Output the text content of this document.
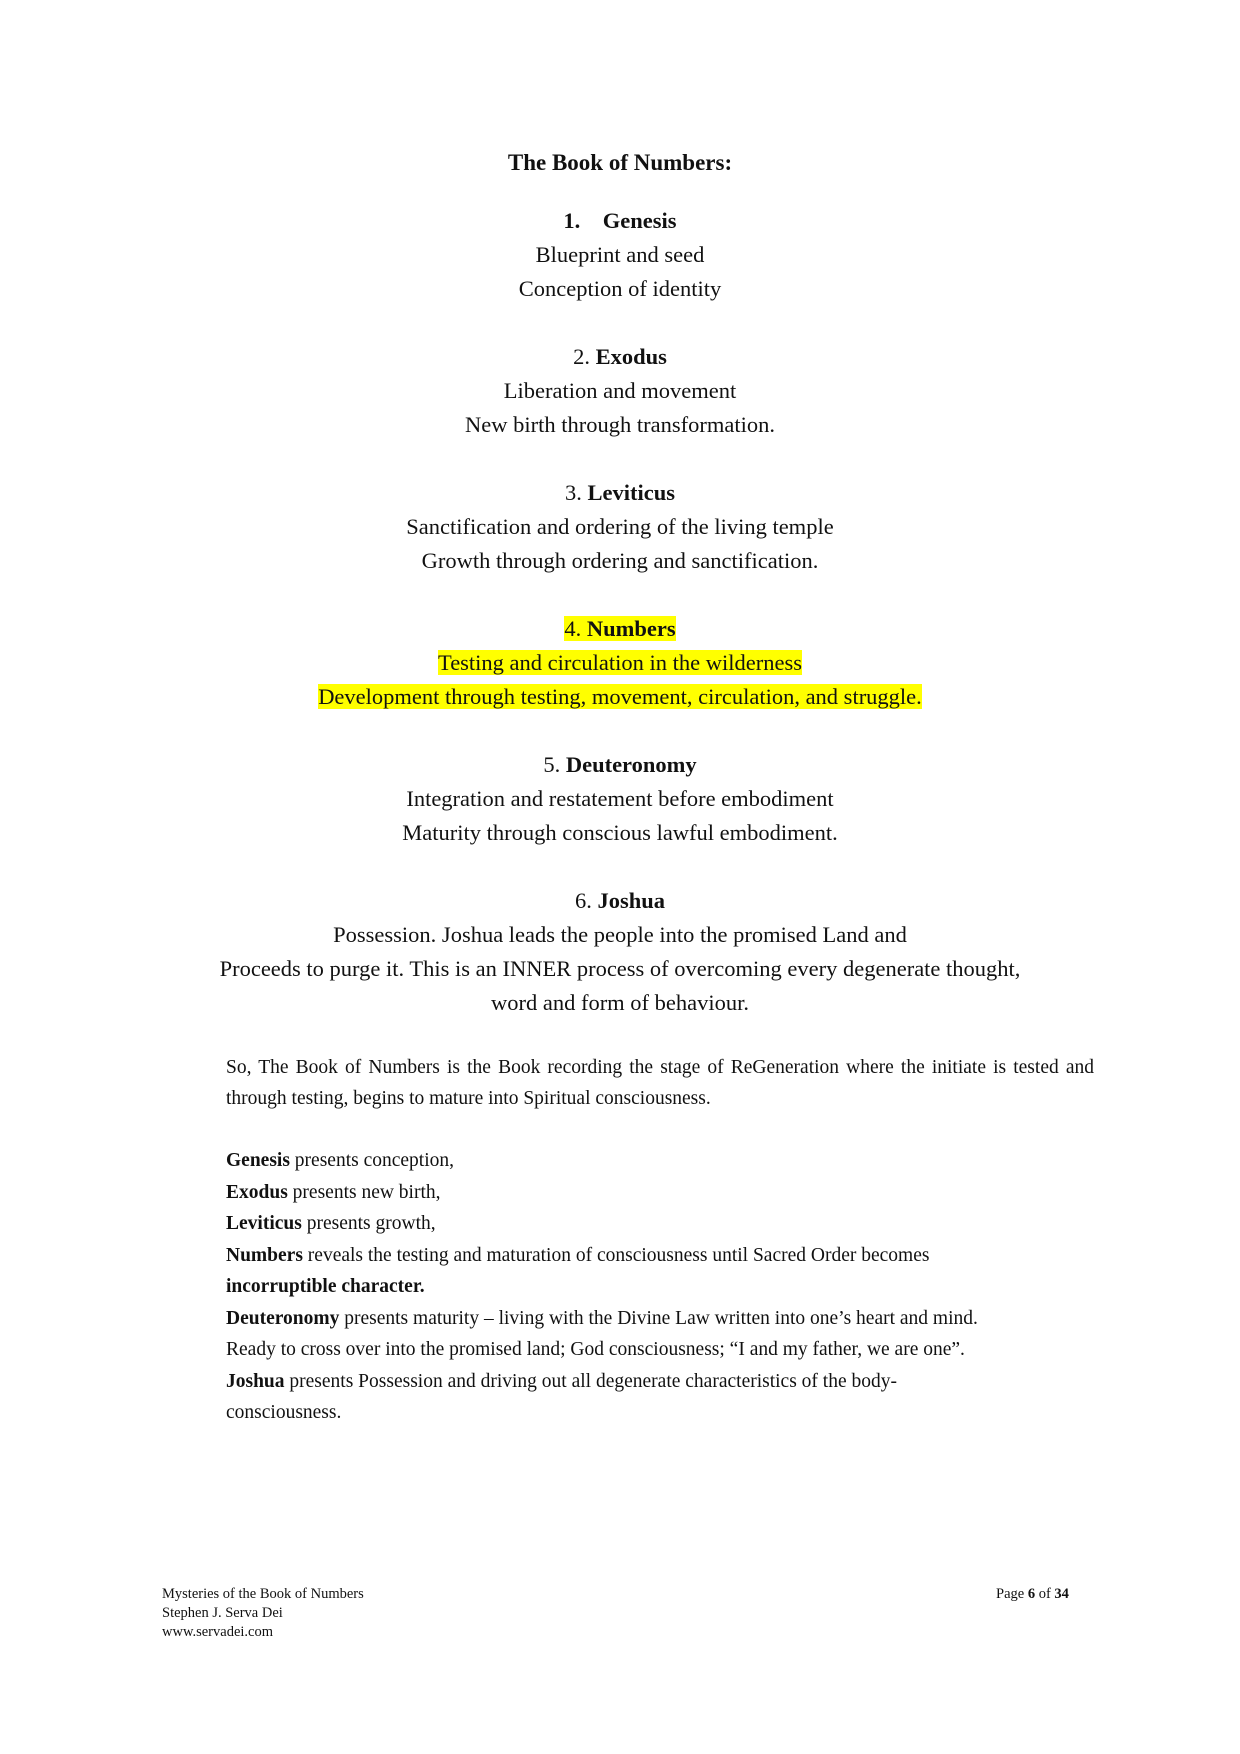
The Book of Numbers:
1. Genesis
Blueprint and seed
Conception of identity
2. Exodus
Liberation and movement
New birth through transformation.
3. Leviticus
Sanctification and ordering of the living temple
Growth through ordering and sanctification.
4. Numbers
Testing and circulation in the wilderness
Development through testing, movement, circulation, and struggle.
5. Deuteronomy
Integration and restatement before embodiment
Maturity through conscious lawful embodiment.
6. Joshua
Possession. Joshua leads the people into the promised Land and
Proceeds to purge it. This is an INNER process of overcoming every degenerate thought,
word and form of behaviour.
So, The Book of Numbers is the Book recording the stage of ReGeneration where the initiate is tested and through testing, begins to mature into Spiritual consciousness.
Genesis presents conception,
Exodus presents new birth,
Leviticus presents growth,
Numbers reveals the testing and maturation of consciousness until Sacred Order becomes
incorruptible character.
Deuteronomy presents maturity – living with the Divine Law written into one’s heart and mind.
Ready to cross over into the promised land; God consciousness; “I and my father, we are one”.
Joshua presents Possession and driving out all degenerate characteristics of the body-
consciousness.
Mysteries of the Book of Numbers
Stephen J. Serva Dei
www.servadei.com
Page 6 of 34
